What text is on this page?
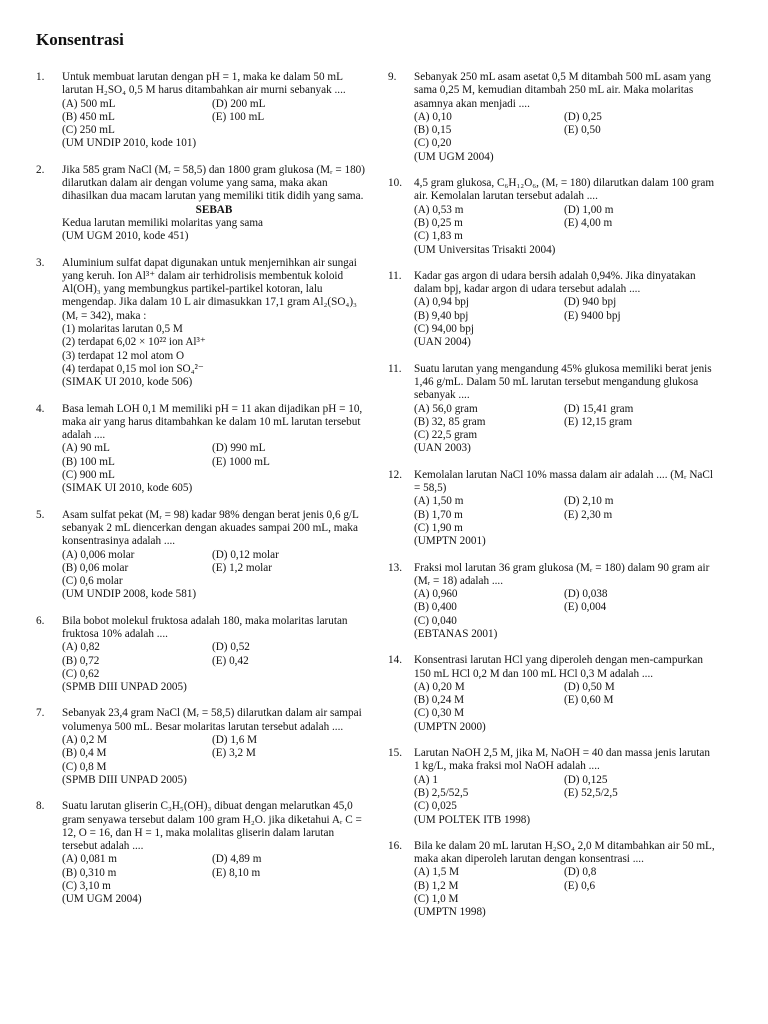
Konsentrasi
1. Untuk membuat larutan dengan pH = 1, maka ke dalam 50 mL larutan H₂SO₄ 0,5 M harus ditambahkan air murni sebanyak ....
(A) 500 mL	(D) 200 mL
(B) 450 mL	(E) 100 mL
(C) 250 mL
(UM UNDIP 2010, kode 101)
2. Jika 585 gram NaCl (Mᵣ = 58,5) dan 1800 gram glukosa (Mᵣ = 180) dilarutkan dalam air dengan volume yang sama, maka akan dihasilkan dua macam larutan yang memiliki titik didih yang sama.
SEBAB
Kedua larutan memiliki molaritas yang sama
(UM UGM 2010, kode 451)
3. Aluminium sulfat dapat digunakan untuk menjernihkan air sungai yang keruh. Ion Al³⁺ dalam air terhidrolisis membentuk koloid Al(OH)₃ yang membungkus partikel-partikel kotoran, lalu mengendap. Jika dalam 10 L air dimasukkan 17,1 gram Al₂(SO₄)₃ (Mᵣ = 342), maka :
(1) molaritas larutan 0,5 M
(2) terdapat 6,02 × 10²² ion Al³⁺
(3) terdapat 12 mol atom O
(4) terdapat 0,15 mol ion SO₄²⁻
(SIMAK UI 2010, kode 506)
4. Basa lemah LOH 0,1 M memiliki pH = 11 akan dijadikan pH = 10, maka air yang harus ditambahkan ke dalam 10 mL larutan tersebut adalah ....
(A) 90 mL	(D) 990 mL
(B) 100 mL	(E) 1000 mL
(C) 900 mL
(SIMAK UI 2010, kode 605)
5. Asam sulfat pekat (Mᵣ = 98) kadar 98% dengan berat jenis 0,6 g/L sebanyak 2 mL diencerkan dengan akuades sampai 200 mL, maka konsentrasinya adalah ....
(A) 0,006 molar	(D) 0,12 molar
(B) 0,06 molar	(E) 1,2 molar
(C) 0,6 molar
(UM UNDIP 2008, kode 581)
6. Bila bobot molekul fruktosa adalah 180, maka molaritas larutan fruktosa 10% adalah ....
(A) 0,82	(D) 0,52
(B) 0,72	(E) 0,42
(C) 0,62
(SPMB DIII UNPAD 2005)
7. Sebanyak 23,4 gram NaCl (Mᵣ = 58,5) dilarutkan dalam air sampai volumenya 500 mL. Besar molaritas larutan tersebut adalah ....
(A) 0,2 M	(D) 1,6 M
(B) 0,4 M	(E) 3,2 M
(C) 0,8 M
(SPMB DIII UNPAD 2005)
8. Suatu larutan gliserin C₃H₅(OH)₃ dibuat dengan melarutkan 45,0 gram senyawa tersebut dalam 100 gram H₂O. jika diketahui Aᵣ C = 12, O = 16, dan H = 1, maka molalitas gliserin dalam larutan tersebut adalah ....
(A) 0,081 m	(D) 4,89 m
(B) 0,310 m	(E) 8,10 m
(C) 3,10 m
(UM UGM 2004)
9. Sebanyak 250 mL asam asetat 0,5 M ditambah 500 mL asam yang sama 0,25 M, kemudian ditambah 250 mL air. Maka molaritas asamnya akan menjadi ....
(A) 0,10	(D) 0,25
(B) 0,15	(E) 0,50
(C) 0,20
(UM UGM 2004)
10. 4,5 gram glukosa, C₆H₁₂O₆, (Mᵣ = 180) dilarutkan dalam 100 gram air. Kemolalan larutan tersebut adalah ....
(A) 0,53 m	(D) 1,00 m
(B) 0,25 m	(E) 4,00 m
(C) 1,83 m
(UM Universitas Trisakti 2004)
11. Kadar gas argon di udara bersih adalah 0,94%. Jika dinyatakan dalam bpj, kadar argon di udara tersebut adalah ....
(A) 0,94 bpj	(D) 940 bpj
(B) 9,40 bpj	(E) 9400 bpj
(C) 94,00 bpj
(UAN 2004)
11. Suatu larutan yang mengandung 45% glukosa memiliki berat jenis 1,46 g/mL. Dalam 50 mL larutan tersebut mengandung glukosa sebanyak ....
(A) 56,0 gram	(D) 15,41 gram
(B) 32, 85 gram	(E) 12,15 gram
(C) 22,5 gram
(UAN 2003)
12. Kemolalan larutan NaCl 10% massa dalam air adalah .... (Mᵣ NaCl = 58,5)
(A) 1,50 m	(D) 2,10 m
(B) 1,70 m	(E) 2,30 m
(C) 1,90 m
(UMPTN 2001)
13. Fraksi mol larutan 36 gram glukosa (Mᵣ = 180) dalam 90 gram air (Mᵣ = 18) adalah ....
(A) 0,960	(D) 0,038
(B) 0,400	(E) 0,004
(C) 0,040
(EBTANAS 2001)
14. Konsentrasi larutan HCl yang diperoleh dengan men-campurkan 150 mL HCl 0,2 M dan 100 mL HCl 0,3 M adalah ....
(A) 0,20 M	(D) 0,50 M
(B) 0,24 M	(E) 0,60 M
(C) 0,30 M
(UMPTN 2000)
15. Larutan NaOH 2,5 M, jika Mᵣ NaOH = 40 dan massa jenis larutan 1 kg/L, maka fraksi mol NaOH adalah ....
(A) 1	(D) 0,125
(B) 2,5/52,5	(E) 52,5/2,5
(C) 0,025
(UM POLTEK ITB 1998)
16. Bila ke dalam 20 mL larutan H₂SO₄ 2,0 M ditambahkan air 50 mL, maka akan diperoleh larutan dengan konsentrasi ....
(A) 1,5 M	(D) 0,8
(B) 1,2 M	(E) 0,6
(C) 1,0 M
(UMPTN 1998)
